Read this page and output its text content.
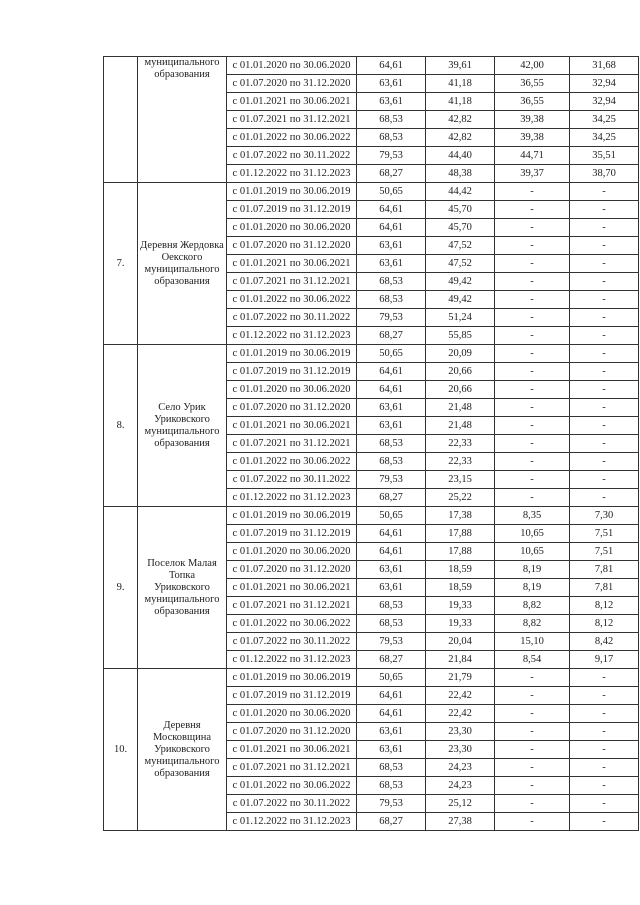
	муниципального образования	с 01.01.2020 по 30.06.2020	64,61	39,61	42,00	31,68
		с 01.07.2020 по 31.12.2020	63,61	41,18	36,55	32,94
		с 01.01.2021 по 30.06.2021	63,61	41,18	36,55	32,94
		с 01.07.2021 по 31.12.2021	68,53	42,82	39,38	34,25
		с 01.01.2022 по 30.06.2022	68,53	42,82	39,38	34,25
		с 01.07.2022 по 30.11.2022	79,53	44,40	44,71	35,51
		с 01.12.2022 по 31.12.2023	68,27	48,38	39,37	38,70
7.	Деревня Жердовка Оекского муниципального образования	с 01.01.2019 по 30.06.2019	50,65	44,42	-	-
		с 01.07.2019 по 31.12.2019	64,61	45,70	-	-
		с 01.01.2020 по 30.06.2020	64,61	45,70	-	-
		с 01.07.2020 по 31.12.2020	63,61	47,52	-	-
		с 01.01.2021 по 30.06.2021	63,61	47,52	-	-
		с 01.07.2021 по 31.12.2021	68,53	49,42	-	-
		с 01.01.2022 по 30.06.2022	68,53	49,42	-	-
		с 01.07.2022 по 30.11.2022	79,53	51,24	-	-
		с 01.12.2022 по 31.12.2023	68,27	55,85	-	-
8.	Село Урик Уриковского муниципального образования	с 01.01.2019 по 30.06.2019	50,65	20,09	-	-
		с 01.07.2019 по 31.12.2019	64,61	20,66	-	-
		с 01.01.2020 по 30.06.2020	64,61	20,66	-	-
		с 01.07.2020 по 31.12.2020	63,61	21,48	-	-
		с 01.01.2021 по 30.06.2021	63,61	21,48	-	-
		с 01.07.2021 по 31.12.2021	68,53	22,33	-	-
		с 01.01.2022 по 30.06.2022	68,53	22,33	-	-
		с 01.07.2022 по 30.11.2022	79,53	23,15	-	-
		с 01.12.2022 по 31.12.2023	68,27	25,22	-	-
9.	Поселок Малая Топка Уриковского муниципального образования	с 01.01.2019 по 30.06.2019	50,65	17,38	8,35	7,30
		с 01.07.2019 по 31.12.2019	64,61	17,88	10,65	7,51
		с 01.01.2020 по 30.06.2020	64,61	17,88	10,65	7,51
		с 01.07.2020 по 31.12.2020	63,61	18,59	8,19	7,81
		с 01.01.2021 по 30.06.2021	63,61	18,59	8,19	7,81
		с 01.07.2021 по 31.12.2021	68,53	19,33	8,82	8,12
		с 01.01.2022 по 30.06.2022	68,53	19,33	8,82	8,12
		с 01.07.2022 по 30.11.2022	79,53	20,04	15,10	8,42
		с 01.12.2022 по 31.12.2023	68,27	21,84	8,54	9,17
10.	Деревня Московщина Уриковского муниципального образования	с 01.01.2019 по 30.06.2019	50,65	21,79	-	-
		с 01.07.2019 по 31.12.2019	64,61	22,42	-	-
		с 01.01.2020 по 30.06.2020	64,61	22,42	-	-
		с 01.07.2020 по 31.12.2020	63,61	23,30	-	-
		с 01.01.2021 по 30.06.2021	63,61	23,30	-	-
		с 01.07.2021 по 31.12.2021	68,53	24,23	-	-
		с 01.01.2022 по 30.06.2022	68,53	24,23	-	-
		с 01.07.2022 по 30.11.2022	79,53	25,12	-	-
		с 01.12.2022 по 31.12.2023	68,27	27,38	-	-
